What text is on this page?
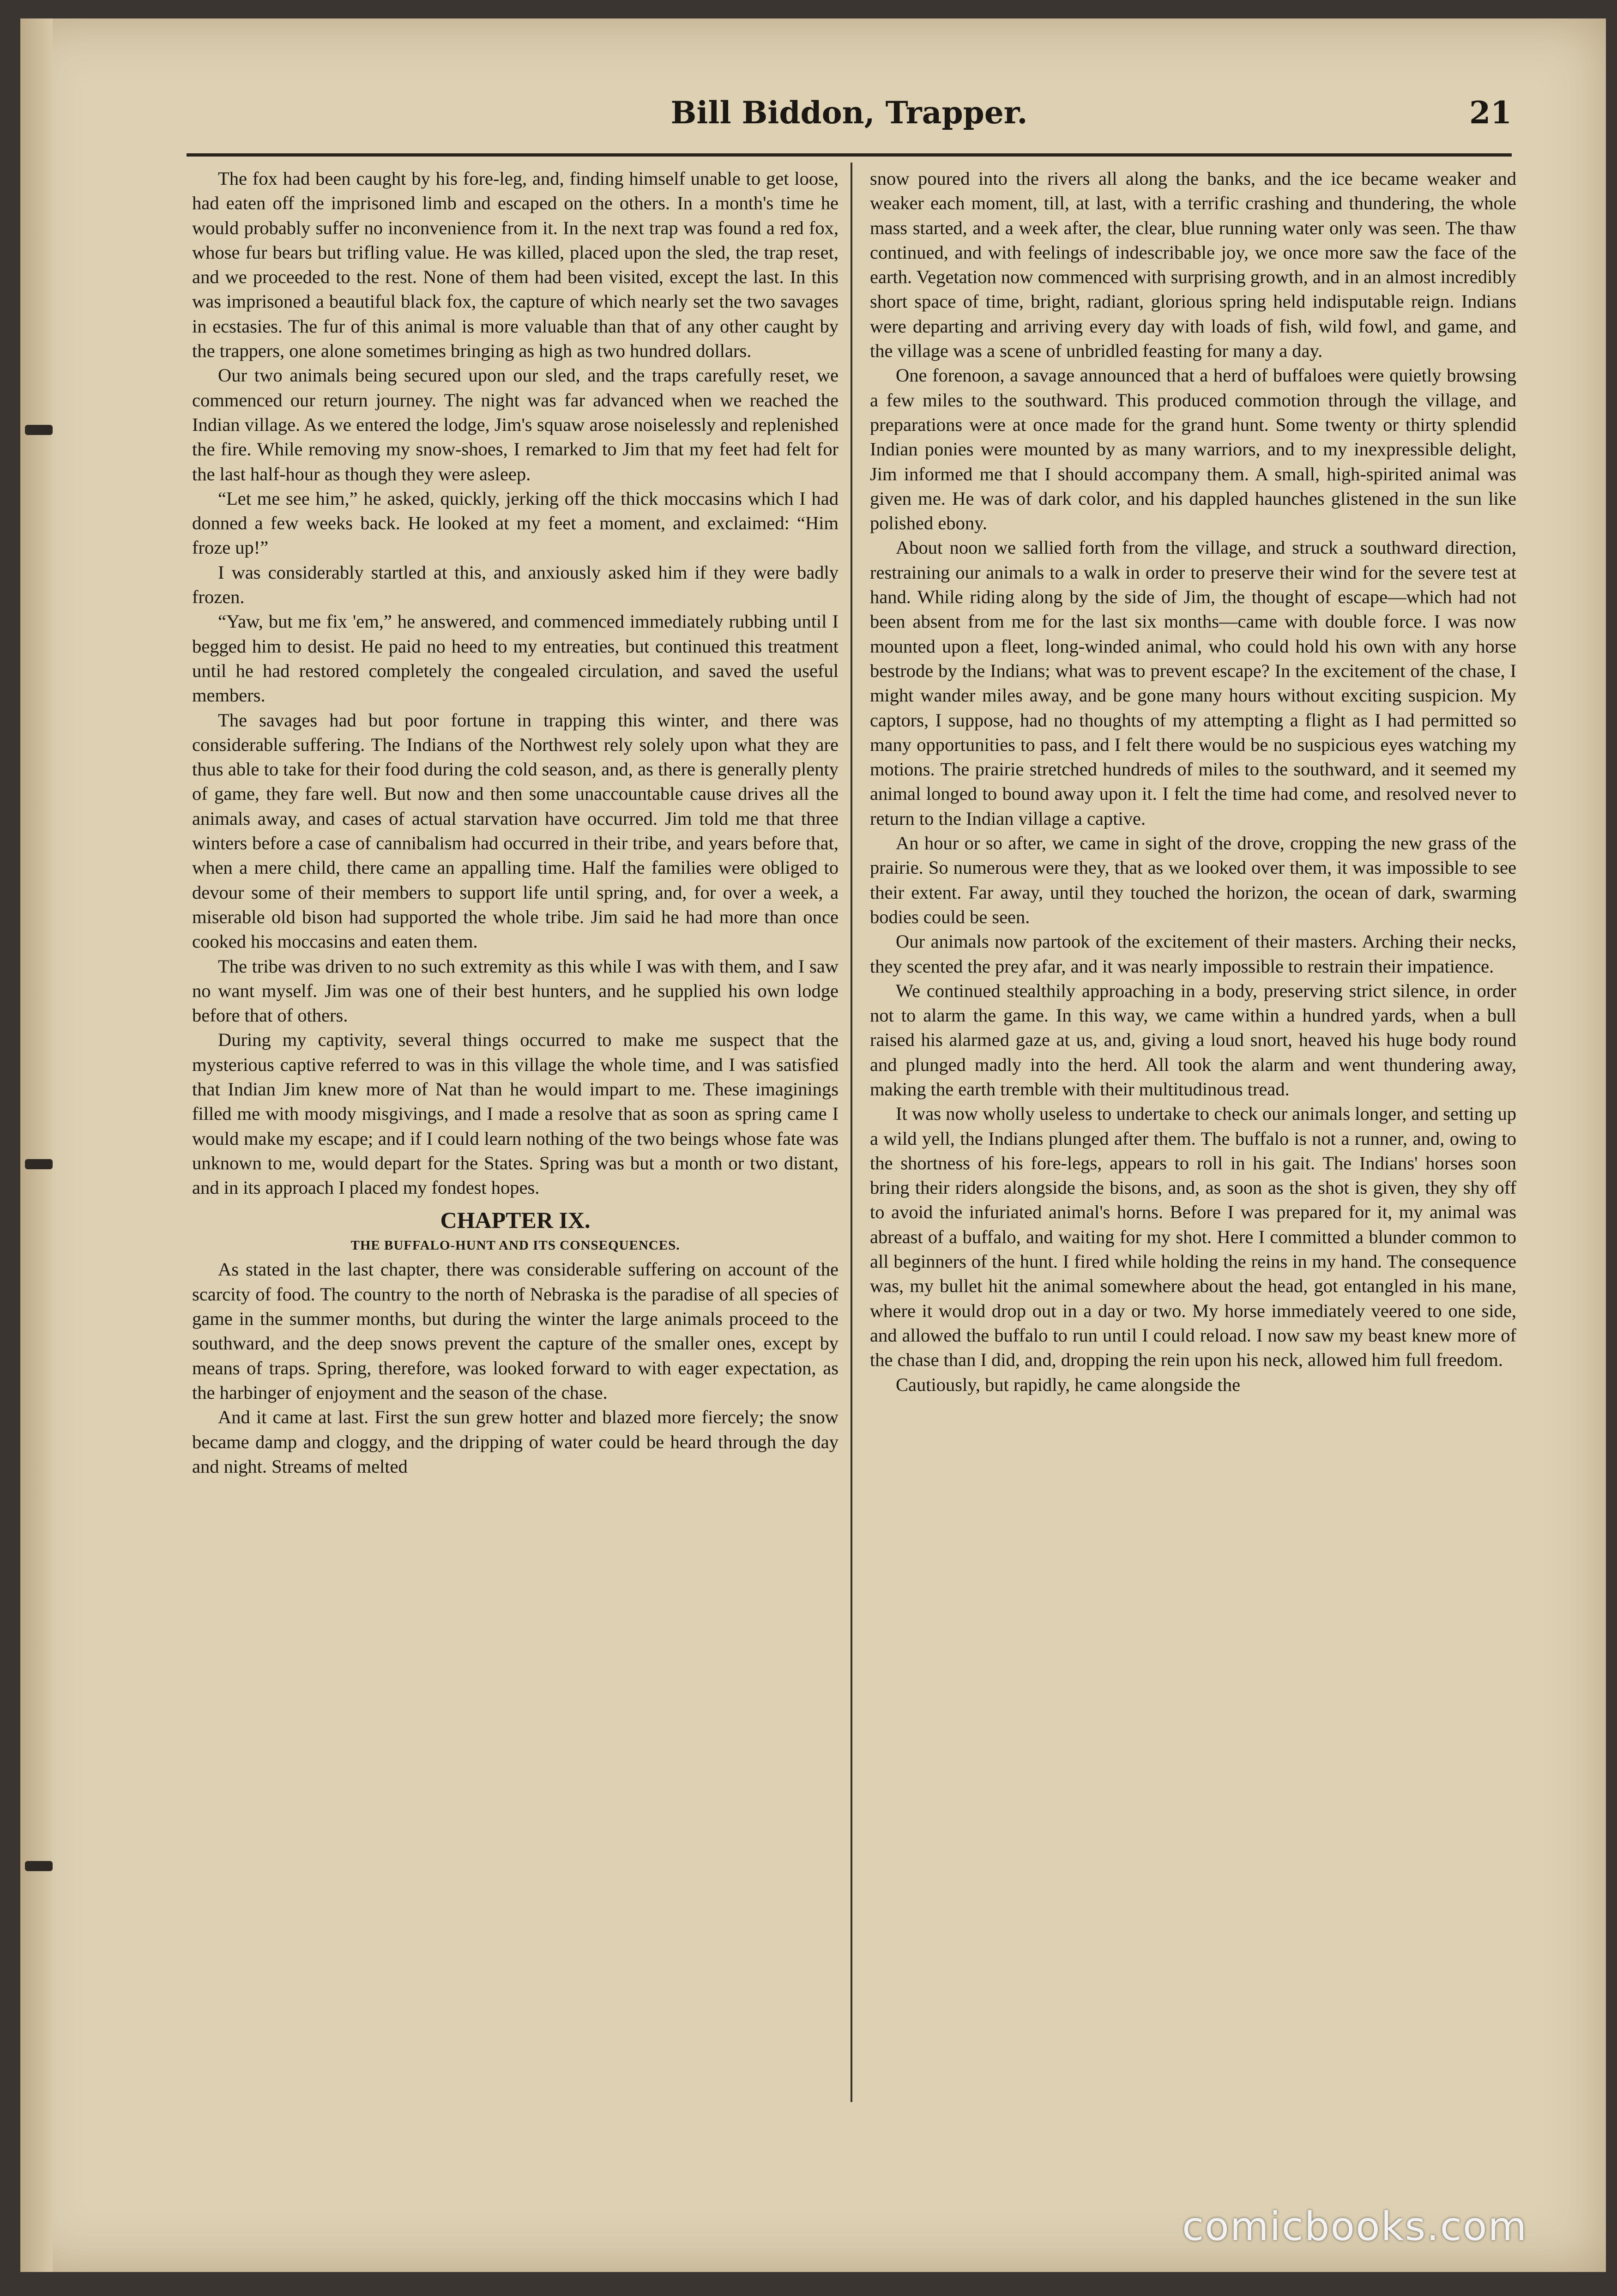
Bill Biddon, Trapper.	21

The fox had been caught by his fore-leg, and, finding himself unable to get loose, had eaten off the imprisoned limb and escaped on the others. In a month's time he would probably suffer no inconvenience from it. In the next trap was found a red fox, whose fur bears but trifling value. He was killed, placed upon the sled, the trap reset, and we proceeded to the rest. None of them had been visited, except the last. In this was imprisoned a beautiful black fox, the capture of which nearly set the two savages in ecstasies. The fur of this animal is more valuable than that of any other caught by the trappers, one alone sometimes bringing as high as two hundred dollars.

Our two animals being secured upon our sled, and the traps carefully reset, we commenced our return journey. The night was far advanced when we reached the Indian village. As we entered the lodge, Jim's squaw arose noiselessly and replenished the fire. While removing my snow-shoes, I remarked to Jim that my feet had felt for the last half-hour as though they were asleep.

“Let me see him,” he asked, quickly, jerking off the thick moccasins which I had donned a few weeks back. He looked at my feet a moment, and exclaimed: “Him froze up!”

I was considerably startled at this, and anxiously asked him if they were badly frozen.

“Yaw, but me fix 'em,” he answered, and commenced immediately rubbing until I begged him to desist. He paid no heed to my entreaties, but continued this treatment until he had restored completely the congealed circulation, and saved the useful members.

The savages had but poor fortune in trapping this winter, and there was considerable suffering. The Indians of the Northwest rely solely upon what they are thus able to take for their food during the cold season, and, as there is generally plenty of game, they fare well. But now and then some unaccountable cause drives all the animals away, and cases of actual starvation have occurred. Jim told me that three winters before a case of cannibalism had occurred in their tribe, and years before that, when a mere child, there came an appalling time. Half the families were obliged to devour some of their members to support life until spring, and, for over a week, a miserable old bison had supported the whole tribe. Jim said he had more than once cooked his moccasins and eaten them.

The tribe was driven to no such extremity as this while I was with them, and I saw no want myself. Jim was one of their best hunters, and he supplied his own lodge before that of others.

During my captivity, several things occurred to make me suspect that the mysterious captive referred to was in this village the whole time, and I was satisfied that Indian Jim knew more of Nat than he would impart to me. These imaginings filled me with moody misgivings, and I made a resolve that as soon as spring came I would make my escape; and if I could learn nothing of the two beings whose fate was unknown to me, would depart for the States. Spring was but a month or two distant, and in its approach I placed my fondest hopes.

CHAPTER IX.
THE BUFFALO-HUNT AND ITS CONSEQUENCES.

As stated in the last chapter, there was considerable suffering on account of the scarcity of food. The country to the north of Nebraska is the paradise of all species of game in the summer months, but during the winter the large animals proceed to the southward, and the deep snows prevent the capture of the smaller ones, except by means of traps. Spring, therefore, was looked forward to with eager expectation, as the harbinger of enjoyment and the season of the chase.

And it came at last. First the sun grew hotter and blazed more fiercely; the snow became damp and cloggy, and the dripping of water could be heard through the day and night. Streams of melted

snow poured into the rivers all along the banks, and the ice became weaker and weaker each moment, till, at last, with a terrific crashing and thundering, the whole mass started, and a week after, the clear, blue running water only was seen. The thaw continued, and with feelings of indescribable joy, we once more saw the face of the earth. Vegetation now commenced with surprising growth, and in an almost incredibly short space of time, bright, radiant, glorious spring held indisputable reign. Indians were departing and arriving every day with loads of fish, wild fowl, and game, and the village was a scene of unbridled feasting for many a day.

One forenoon, a savage announced that a herd of buffaloes were quietly browsing a few miles to the southward. This produced commotion through the village, and preparations were at once made for the grand hunt. Some twenty or thirty splendid Indian ponies were mounted by as many warriors, and to my inexpressible delight, Jim informed me that I should accompany them. A small, high-spirited animal was given me. He was of dark color, and his dappled haunches glistened in the sun like polished ebony.

About noon we sallied forth from the village, and struck a southward direction, restraining our animals to a walk in order to preserve their wind for the severe test at hand. While riding along by the side of Jim, the thought of escape—which had not been absent from me for the last six months—came with double force. I was now mounted upon a fleet, long-winded animal, who could hold his own with any horse bestrode by the Indians; what was to prevent escape? In the excitement of the chase, I might wander miles away, and be gone many hours without exciting suspicion. My captors, I suppose, had no thoughts of my attempting a flight as I had permitted so many opportunities to pass, and I felt there would be no suspicious eyes watching my motions. The prairie stretched hundreds of miles to the southward, and it seemed my animal longed to bound away upon it. I felt the time had come, and resolved never to return to the Indian village a captive.

An hour or so after, we came in sight of the drove, cropping the new grass of the prairie. So numerous were they, that as we looked over them, it was impossible to see their extent. Far away, until they touched the horizon, the ocean of dark, swarming bodies could be seen.

Our animals now partook of the excitement of their masters. Arching their necks, they scented the prey afar, and it was nearly impossible to restrain their impatience.

We continued stealthily approaching in a body, preserving strict silence, in order not to alarm the game. In this way, we came within a hundred yards, when a bull raised his alarmed gaze at us, and, giving a loud snort, heaved his huge body round and plunged madly into the herd. All took the alarm and went thundering away, making the earth tremble with their multitudinous tread.

It was now wholly useless to undertake to check our animals longer, and setting up a wild yell, the Indians plunged after them. The buffalo is not a runner, and, owing to the shortness of his fore-legs, appears to roll in his gait. The Indians' horses soon bring their riders alongside the bisons, and, as soon as the shot is given, they shy off to avoid the infuriated animal's horns. Before I was prepared for it, my animal was abreast of a buffalo, and waiting for my shot. Here I committed a blunder common to all beginners of the hunt. I fired while holding the reins in my hand. The consequence was, my bullet hit the animal somewhere about the head, got entangled in his mane, where it would drop out in a day or two. My horse immediately veered to one side, and allowed the buffalo to run until I could reload. I now saw my beast knew more of the chase than I did, and, dropping the rein upon his neck, allowed him full freedom.

Cautiously, but rapidly, he came alongside the

comicbooks.com
